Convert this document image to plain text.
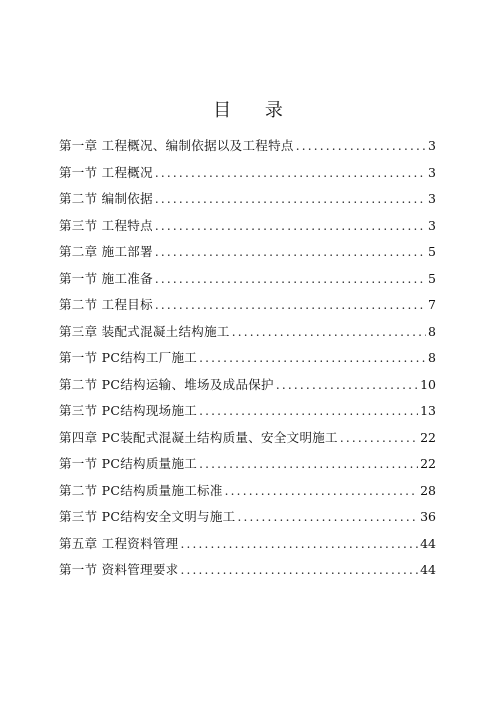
目 录
第一章 工程概况、编制依据以及工程特点 .....	3
第一节 工程概况 .....	3
第二节 编制依据 .....	3
第三节 工程特点 .....	3
第二章 施工部署 .....	5
第一节 施工准备 .....	5
第二节 工程目标 .....	7
第三章 装配式混凝土结构施工 .....	8
第一节 PC结构工厂施工 .....	8
第二节 PC结构运输、堆场及成品保护 .....	10
第三节 PC结构现场施工 .....	13
第四章 PC装配式混凝土结构质量、安全文明施工 .....	22
第一节 PC结构质量施工 .....	22
第二节 PC结构质量施工标准 .....	28
第三节 PC结构安全文明与施工 .....	36
第五章 工程资料管理 .....	44
第一节 资料管理要求 .....	44
